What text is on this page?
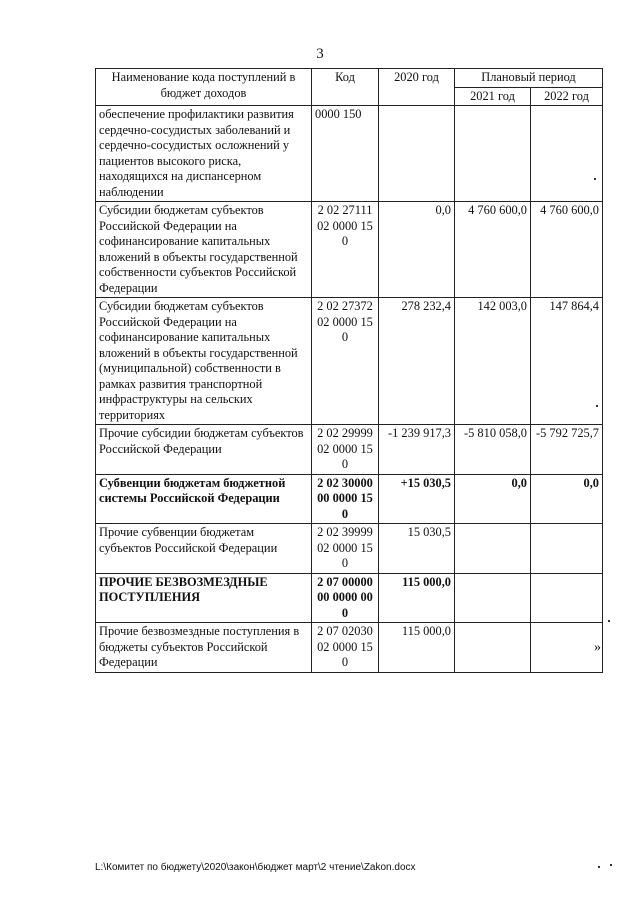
3
Наименование кода поступлений в бюджет доходов	Код	2020 год	Плановый период	
			2021 год	2022 год
обеспечение профилактики развития сердечно-сосудистых заболеваний и сердечно-сосудистых осложнений у пациентов высокого риска, находящихся на диспансерном наблюдении	0000 150			
Субсидии бюджетам субъектов Российской Федерации на софинансирование капитальных вложений в объекты государственной собственности субъектов Российской Федерации	2 02 27111 02 0000 150	0,0	4 760 600,0	4 760 600,0
Субсидии бюджетам субъектов Российской Федерации на софинансирование капитальных вложений в объекты государственной (муниципальной) собственности в рамках развития транспортной инфраструктуры на сельских территориях	2 02 27372 02 0000 150	278 232,4	142 003,0	147 864,4
Прочие субсидии бюджетам субъектов Российской Федерации	2 02 29999 02 0000 150	-1 239 917,3	-5 810 058,0	-5 792 725,7
Субвенции бюджетам бюджетной системы Российской Федерации	2 02 30000 00 0000 150	+15 030,5	0,0	0,0
Прочие субвенции бюджетам субъектов Российской Федерации	2 02 39999 02 0000 150	15 030,5		
ПРОЧИЕ БЕЗВОЗМЕЗДНЫЕ ПОСТУПЛЕНИЯ	2 07 00000 00 0000 000	115 000,0		
Прочие безвозмездные поступления в бюджеты субъектов Российской Федерации	2 07 02030 02 0000 150	115 000,0		
»
L:\Комитет по бюджету\2020\закон\бюджет март\2 чтение\Zakon.docx
